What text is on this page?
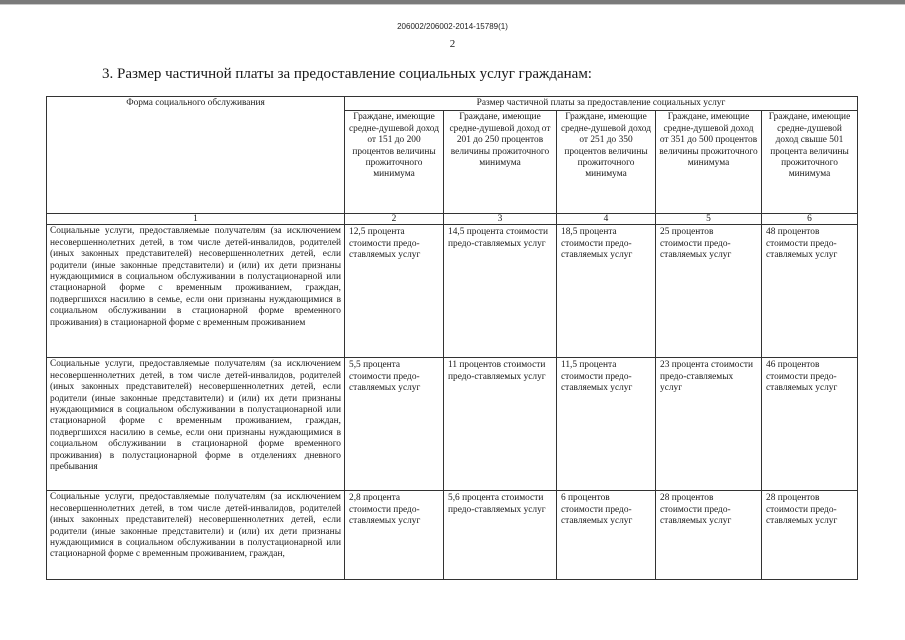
206002/206002-2014-15789(1)
2
3. Размер частичной платы за предоставление социальных услуг гражданам:
Форма социального обслуживания	Размер частичной платы за предоставление социальных услуг				
	Граждане, имеющие средне-душевой доход от 151 до 200 процентов величины прожиточного минимума	Граждане, имеющие средне-душевой доход от 201 до 250 процентов величины прожиточного минимума	Граждане, имеющие средне-душевой доход от 251 до 350 процентов величины прожиточного минимума	Граждане, имеющие средне-душевой доход от 351 до 500 процентов величины прожиточного минимума	Граждане, имеющие средне-душевой доход свыше 501 процента величины прожиточного минимума
1	2	3	4	5	6
Социальные услуги, предоставляемые получателям (за исключением несовершеннолетних детей, в том числе детей-инвалидов, родителей (иных законных представителей) несовершеннолетних детей, если родители (иные законные представители) и (или) их дети признаны нуждающимися в социальном обслуживании в полустационарной или стационарной форме с временным проживанием, граждан, подвергшихся насилию в семье, если они признаны нуждающимися в социальном обслуживании в стационарной форме временного проживания) в стационарной форме с временным проживанием	12,5 процента стоимости предо-ставляемых услуг	14,5 процента стоимости предо-ставляемых услуг	18,5 процента стоимости предо-ставляемых услуг	25 процентов стоимости предо-ставляемых услуг	48 процентов стоимости предо-ставляемых услуг
Социальные услуги, предоставляемые получателям (за исключением несовершеннолетних детей, в том числе детей-инвалидов, родителей (иных законных представителей) несовершеннолетних детей, если родители (иные законные представители) и (или) их дети признаны нуждающимися в социальном обслуживании в полустационарной или стационарной форме с временным проживанием, граждан, подвергшихся насилию в семье, если они признаны нуждающимися в социальном обслуживании в стационарной форме временного проживания) в полустационарной форме в отделениях дневного пребывания	5,5 процента стоимости предо-ставляемых услуг	11 процентов стоимости предо-ставляемых услуг	11,5 процента стоимости предо-ставляемых услуг	23 процента стоимости предо-ставляемых услуг	46 процентов стоимости предо-ставляемых услуг
Социальные услуги, предоставляемые получателям (за исключением несовершеннолетних детей, в том числе детей-инвалидов, родителей (иных законных представителей) несовершеннолетних детей, если родители (иные законные представители) и (или) их дети признаны нуждающимися в социальном обслуживании в полустационарной или стационарной форме с временным проживанием, граждан,	2,8 процента стоимости предо-ставляемых услуг	5,6 процента стоимости предо-ставляемых услуг	6 процентов стоимости предо-ставляемых услуг	28 процентов стоимости предо-ставляемых услуг	28 процентов стоимости предо-ставляемых услуг
